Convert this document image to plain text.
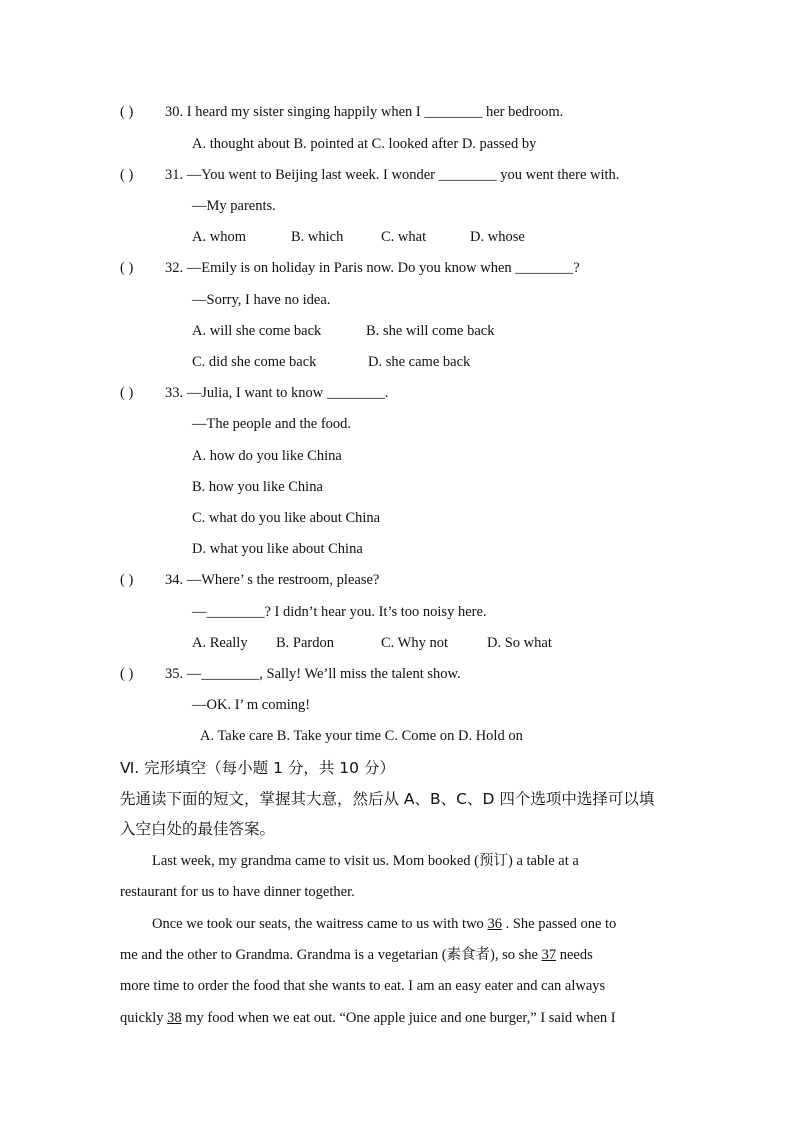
( ) 30. I heard my sister singing happily when I ________ her bedroom.
A. thought about B. pointed at C. looked after D. passed by
( ) 31. —You went to Beijing last week. I wonder ________ you went there with.
—My parents.
A. whom	B. which	C. what	D. whose
( ) 32. —Emily is on holiday in Paris now. Do you know when ________?
—Sorry, I have no idea.
A. will she come back	B. she will come back
C. did she come back	D. she came back
( ) 33. —Julia, I want to know ________.
—The people and the food.
A. how do you like China
B. how you like China
C. what do you like about China
D. what you like about China
( ) 34. —Where’ s the restroom, please?
—________? I didn’t hear you. It’s too noisy here.
A. Really B. Pardon	C. Why not	D. So what
( ) 35. —________, Sally! We’ll miss the talent show.
—OK. I’ m coming!
A. Take care B. Take your time C. Come on D. Hold on
Ⅵ. 完形填空（每小题 1 分，共 10 分）
先通读下面的短文，掌握其大意，然后从 A、B、C、D 四个选项中选择可以填
入空白处的最佳答案。
Last week, my grandma came to visit us. Mom booked (预订) a table at a
restaurant for us to have dinner together.
Once we took our seats, the waitress came to us with two 36 . She passed one to
me and the other to Grandma. Grandma is a vegetarian (素食者), so she 37 needs
more time to order the food that she wants to eat. I am an easy eater and can always
quickly 38 my food when we eat out. “One apple juice and one burger,” I said when I
